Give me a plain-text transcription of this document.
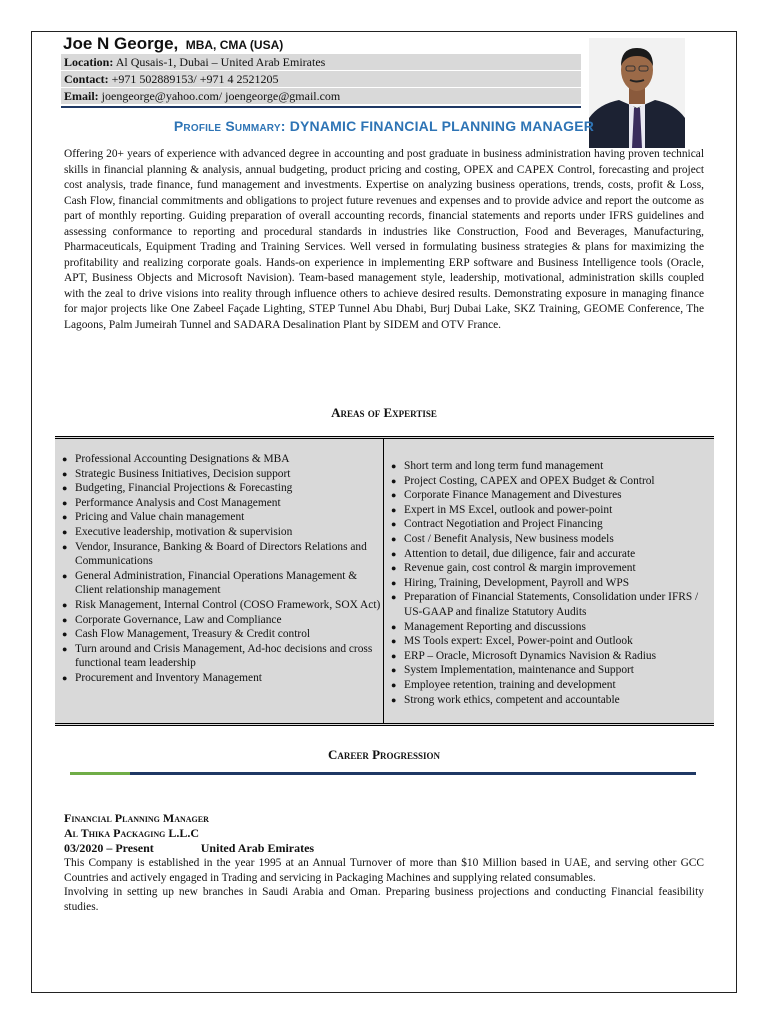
Joe N George, MBA, CMA (USA)
Location: Al Qusais-1, Dubai – United Arab Emirates
Contact: +971 502889153/ +971 4 2521205
Email: joengeorge@yahoo.com/ joengeorge@gmail.com
Profile Summary: DYNAMIC FINANCIAL PLANNING MANAGER
Offering 20+ years of experience with advanced degree in accounting and post graduate in business administration having proven technical skills in financial planning & analysis, annual budgeting, product pricing and costing, OPEX and CAPEX Control, forecasting and project cost analysis, trade finance, fund management and investments. Expertise on analyzing business operations, trends, costs, profit & Loss, Cash Flow, financial commitments and obligations to project future revenues and expenses and to provide advice and report the outcome as part of monthly reporting. Guiding preparation of overall accounting records, financial statements and reports under IFRS guidelines and assessing conformance to reporting and procedural standards in industries like Construction, Food and Beverages, Manufacturing, Pharmaceuticals, Equipment Trading and Training Services. Well versed in formulating business strategies & plans for maximizing the profitability and realizing corporate goals. Hands-on experience in implementing ERP software and Business Intelligence tools (Oracle, APT, Business Objects and Microsoft Navision). Team-based management style, leadership, motivational, administration skills coupled with the zeal to drive visions into reality through influence others to achieve desired results. Demonstrating exposure in managing finance for major projects like One Zabeel Façade Lighting, STEP Tunnel Abu Dhabi, Burj Dubai Lake, SKZ Training, GEOME Conference, The Lagoons, Palm Jumeirah Tunnel and SADARA Desalination Plant by SIDEM and OTV France.
Areas of Expertise
● Professional Accounting Designations & MBA
● Strategic Business Initiatives, Decision support
● Budgeting, Financial Projections & Forecasting
● Performance Analysis and Cost Management
● Pricing and Value chain management
● Executive leadership, motivation & supervision
● Vendor, Insurance, Banking & Board of Directors Relations and Communications
● General Administration, Financial Operations Management & Client relationship management
● Risk Management, Internal Control (COSO Framework, SOX Act)
● Corporate Governance, Law and Compliance
● Cash Flow Management, Treasury & Credit control
● Turn around and Crisis Management, Ad-hoc decisions and cross functional team leadership
● Procurement and Inventory Management
● Short term and long term fund management
● Project Costing, CAPEX and OPEX Budget & Control
● Corporate Finance Management and Divestures
● Expert in MS Excel, outlook and power-point
● Contract Negotiation and Project Financing
● Cost / Benefit Analysis, New business models
● Attention to detail, due diligence, fair and accurate
● Revenue gain, cost control & margin improvement
● Hiring, Training, Development, Payroll and WPS
● Preparation of Financial Statements, Consolidation under IFRS / US-GAAP and finalize Statutory Audits
● Management Reporting and discussions
● MS Tools expert: Excel, Power-point and Outlook
● ERP – Oracle, Microsoft Dynamics Navision & Radius
● System Implementation, maintenance and Support
● Employee retention, training and development
● Strong work ethics, competent and accountable
Career Progression
Financial Planning Manager
Al Thika Packaging L.L.C
03/2020 – Present	United Arab Emirates

This Company is established in the year 1995 at an Annual Turnover of more than $10 Million based in UAE, and serving other GCC Countries and actively engaged in Trading and servicing in Packaging Machines and supplying related consumables.

Involving in setting up new branches in Saudi Arabia and Oman. Preparing business projections and conducting Financial feasibility studies.
